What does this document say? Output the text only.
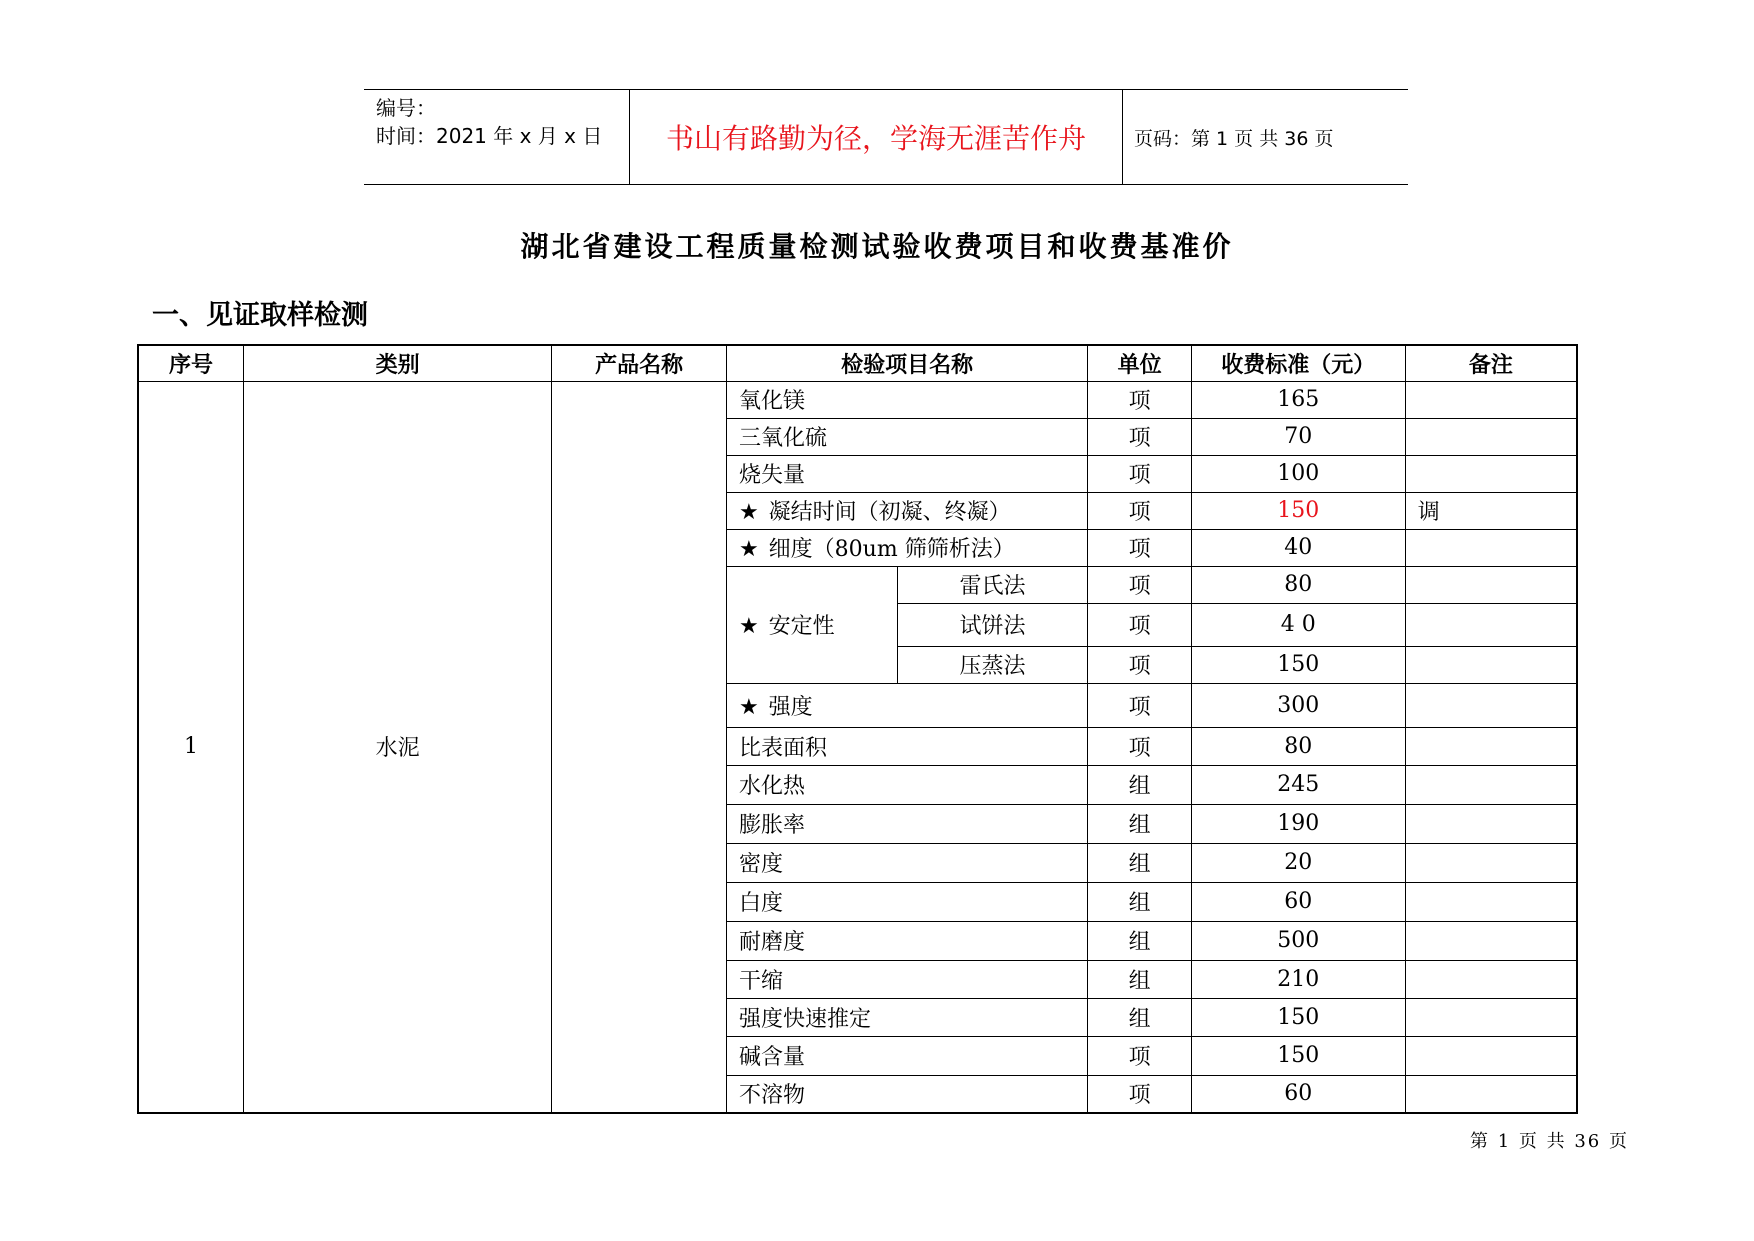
编号：
时间：2021 年 x 月 x 日	书山有路勤为径，学海无涯苦作舟	页码：第 1 页 共 36 页
湖北省建设工程质量检测试验收费项目和收费基准价
一、见证取样检测
序号	类别	产品名称	检验项目名称		单位	收费标准（元）	备注
1	水泥		氧化镁		项	165	
			三氧化硫		项	70	
			烧失量		项	100	
			★ 凝结时间（初凝、终凝）		项	150	调
			★ 细度（80um 筛筛析法）		项	40	
			★ 安定性	雷氏法	项	80	
				试饼法	项	4 0	
				压蒸法	项	150	
			★ 强度		项	300	
			比表面积		项	80	
			水化热		组	245	
			膨胀率		组	190	
			密度		组	20	
			白度		组	60	
			耐磨度		组	500	
			干缩		组	210	
			强度快速推定		组	150	
			碱含量		项	150	
			不溶物		项	60	
第 1 页 共 36 页
